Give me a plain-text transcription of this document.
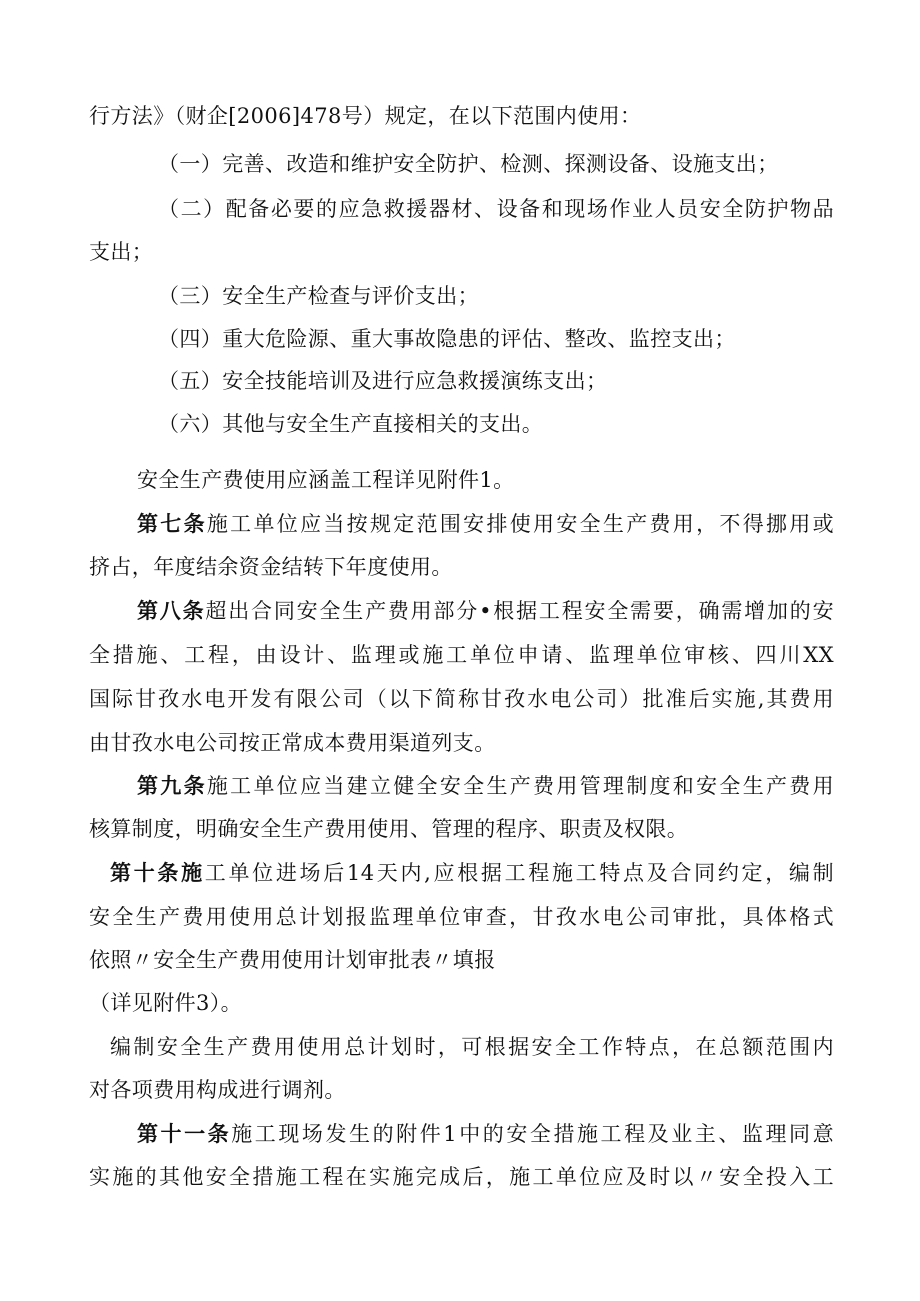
行方法》（财企[2006]478号）规定，在以下范围内使用：
（一）完善、改造和维护安全防护、检测、探测设备、设施支出；
（二）配备必要的应急救援器材、设备和现场作业人员安全防护物品
支出；
（三）安全生产检查与评价支出；
（四）重大危险源、重大事故隐患的评估、整改、监控支出；
（五）安全技能培训及进行应急救援演练支出；
（六）其他与安全生产直接相关的支出。
安全生产费使用应涵盖工程详见附件1。
第七条施工单位应当按规定范围安排使用安全生产费用，不得挪用或
挤占，年度结余资金结转下年度使用。
第八条超出合同安全生产费用部分•根据工程安全需要，确需增加的安
全措施、工程，由设计、监理或施工单位申请、监理单位审核、四川XX
国际甘孜水电开发有限公司（以下简称甘孜水电公司）批准后实施,其费用
由甘孜水电公司按正常成本费用渠道列支。
第九条施工单位应当建立健全安全生产费用管理制度和安全生产费用
核算制度，明确安全生产费用使用、管理的程序、职责及权限。
第十条施工单位进场后14天内,应根据工程施工特点及合同约定，编制
安全生产费用使用总计划报监理单位审查，甘孜水电公司审批，具体格式
依照〃安全生产费用使用计划审批表〃填报
（详见附件3）。
编制安全生产费用使用总计划时，可根据安全工作特点，在总额范围内
对各项费用构成进行调剂。
第十一条施工现场发生的附件1中的安全措施工程及业主、监理同意
实施的其他安全措施工程在实施完成后，施工单位应及时以〃安全投入工
